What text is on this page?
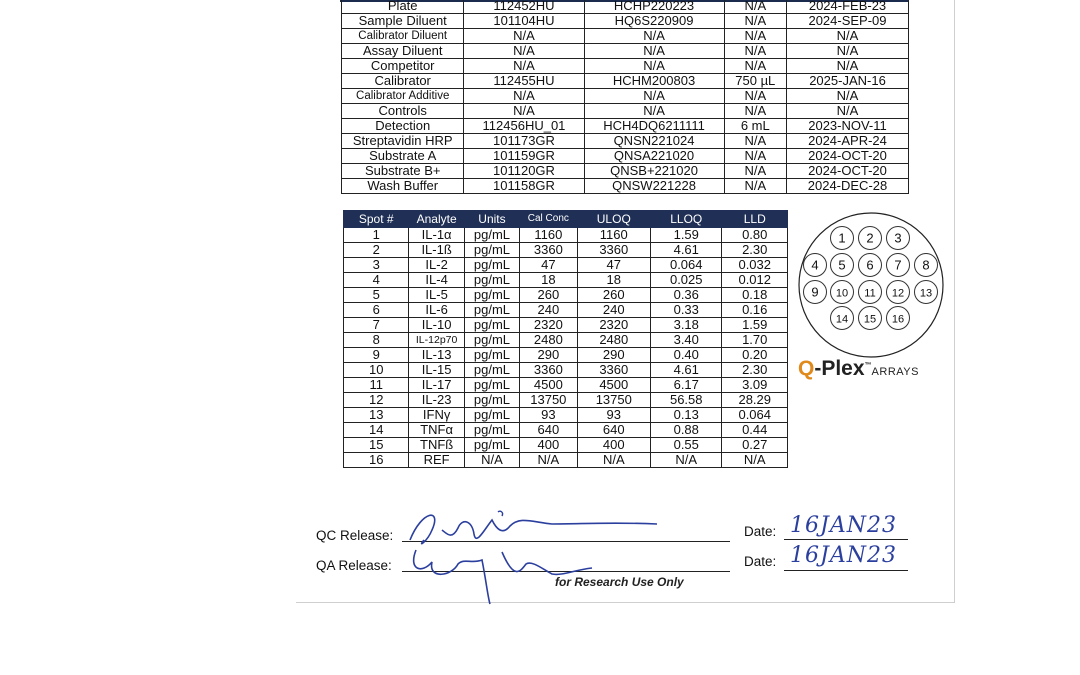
Plate	112452HU	HCHP220223	N/A	2024-FEB-23
Sample Diluent	101104HU	HQ6S220909	N/A	2024-SEP-09
Calibrator Diluent	N/A	N/A	N/A	N/A
Assay Diluent	N/A	N/A	N/A	N/A
Competitor	N/A	N/A	N/A	N/A
Calibrator	112455HU	HCHM200803	750 µL	2025-JAN-16
Calibrator Additive	N/A	N/A	N/A	N/A
Controls	N/A	N/A	N/A	N/A
Detection	112456HU_01	HCH4DQ6211111	6 mL	2023-NOV-11
Streptavidin HRP	101173GR	QNSN221024	N/A	2024-APR-24
Substrate A	101159GR	QNSA221020	N/A	2024-OCT-20
Substrate B+	101120GR	QNSB+221020	N/A	2024-OCT-20
Wash Buffer	101158GR	QNSW221228	N/A	2024-DEC-28
Spot #	Analyte	Units	Cal Conc	ULOQ	LLOQ	LLD
1	IL-1α	pg/mL	1160	1160	1.59	0.80
2	IL-1ß	pg/mL	3360	3360	4.61	2.30
3	IL-2	pg/mL	47	47	0.064	0.032
4	IL-4	pg/mL	18	18	0.025	0.012
5	IL-5	pg/mL	260	260	0.36	0.18
6	IL-6	pg/mL	240	240	0.33	0.16
7	IL-10	pg/mL	2320	2320	3.18	1.59
8	IL-12p70	pg/mL	2480	2480	3.40	1.70
9	IL-13	pg/mL	290	290	0.40	0.20
10	IL-15	pg/mL	3360	3360	4.61	2.30
11	IL-17	pg/mL	4500	4500	6.17	3.09
12	IL-23	pg/mL	13750	13750	56.58	28.29
13	IFNγ	pg/mL	93	93	0.13	0.064
14	TNFα	pg/mL	640	640	0.88	0.44
15	TNFß	pg/mL	400	400	0.55	0.27
16	REF	N/A	N/A	N/A	N/A	N/A
1 2 3
4 5 6 7 8
9 10 11 12 13
14 15 16
Q-Plex™ARRAYS
QC Release:	Date: 16JAN23
QA Release:	Date: 16JAN23
for Research Use Only
